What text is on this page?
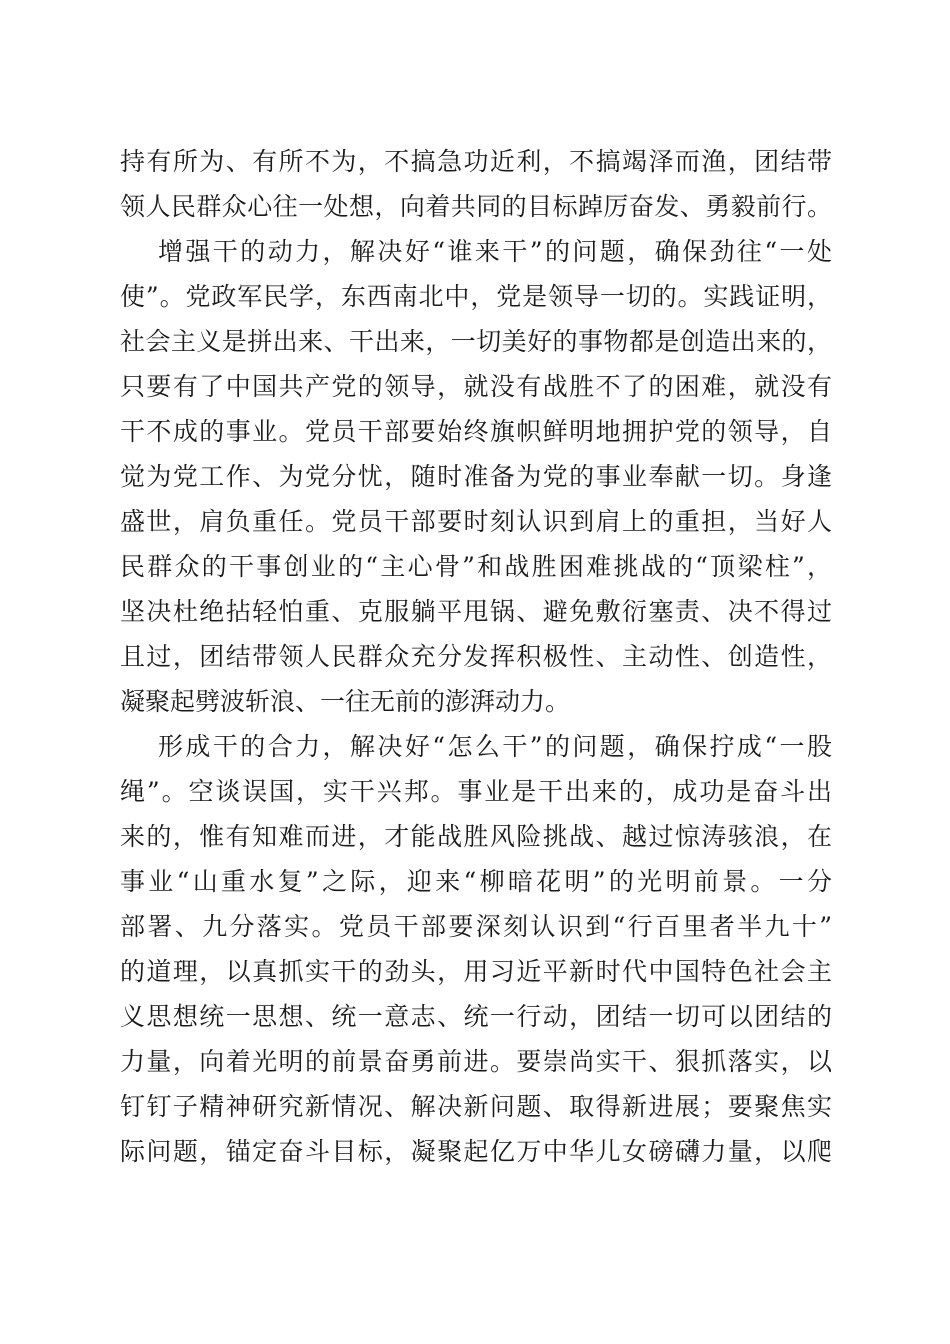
持有所为、有所不为，不搞急功近利，不搞竭泽而渔，团结带
领人民群众心往一处想，向着共同的目标踔厉奋发、勇毅前行。
增强干的动力，解决好“谁来干”的问题，确保劲往“一处
使”。党政军民学，东西南北中，党是领导一切的。实践证明，
社会主义是拼出来、干出来，一切美好的事物都是创造出来的，
只要有了中国共产党的领导，就没有战胜不了的困难，就没有
干不成的事业。党员干部要始终旗帜鲜明地拥护党的领导，自
觉为党工作、为党分忧，随时准备为党的事业奉献一切。身逢
盛世，肩负重任。党员干部要时刻认识到肩上的重担，当好人
民群众的干事创业的“主心骨”和战胜困难挑战的“顶梁柱”，
坚决杜绝拈轻怕重、克服躺平甩锅、避免敷衍塞责、决不得过
且过，团结带领人民群众充分发挥积极性、主动性、创造性，
凝聚起劈波斩浪、一往无前的澎湃动力。
形成干的合力，解决好“怎么干”的问题，确保拧成“一股
绳”。空谈误国，实干兴邦。事业是干出来的，成功是奋斗出
来的，惟有知难而进，才能战胜风险挑战、越过惊涛骇浪，在
事业“山重水复”之际，迎来“柳暗花明”的光明前景。一分
部署、九分落实。党员干部要深刻认识到“行百里者半九十”
的道理，以真抓实干的劲头，用习近平新时代中国特色社会主
义思想统一思想、统一意志、统一行动，团结一切可以团结的
力量，向着光明的前景奋勇前进。要崇尚实干、狠抓落实，以
钉钉子精神研究新情况、解决新问题、取得新进展；要聚焦实
际问题，锚定奋斗目标，凝聚起亿万中华儿女磅礴力量，以爬
